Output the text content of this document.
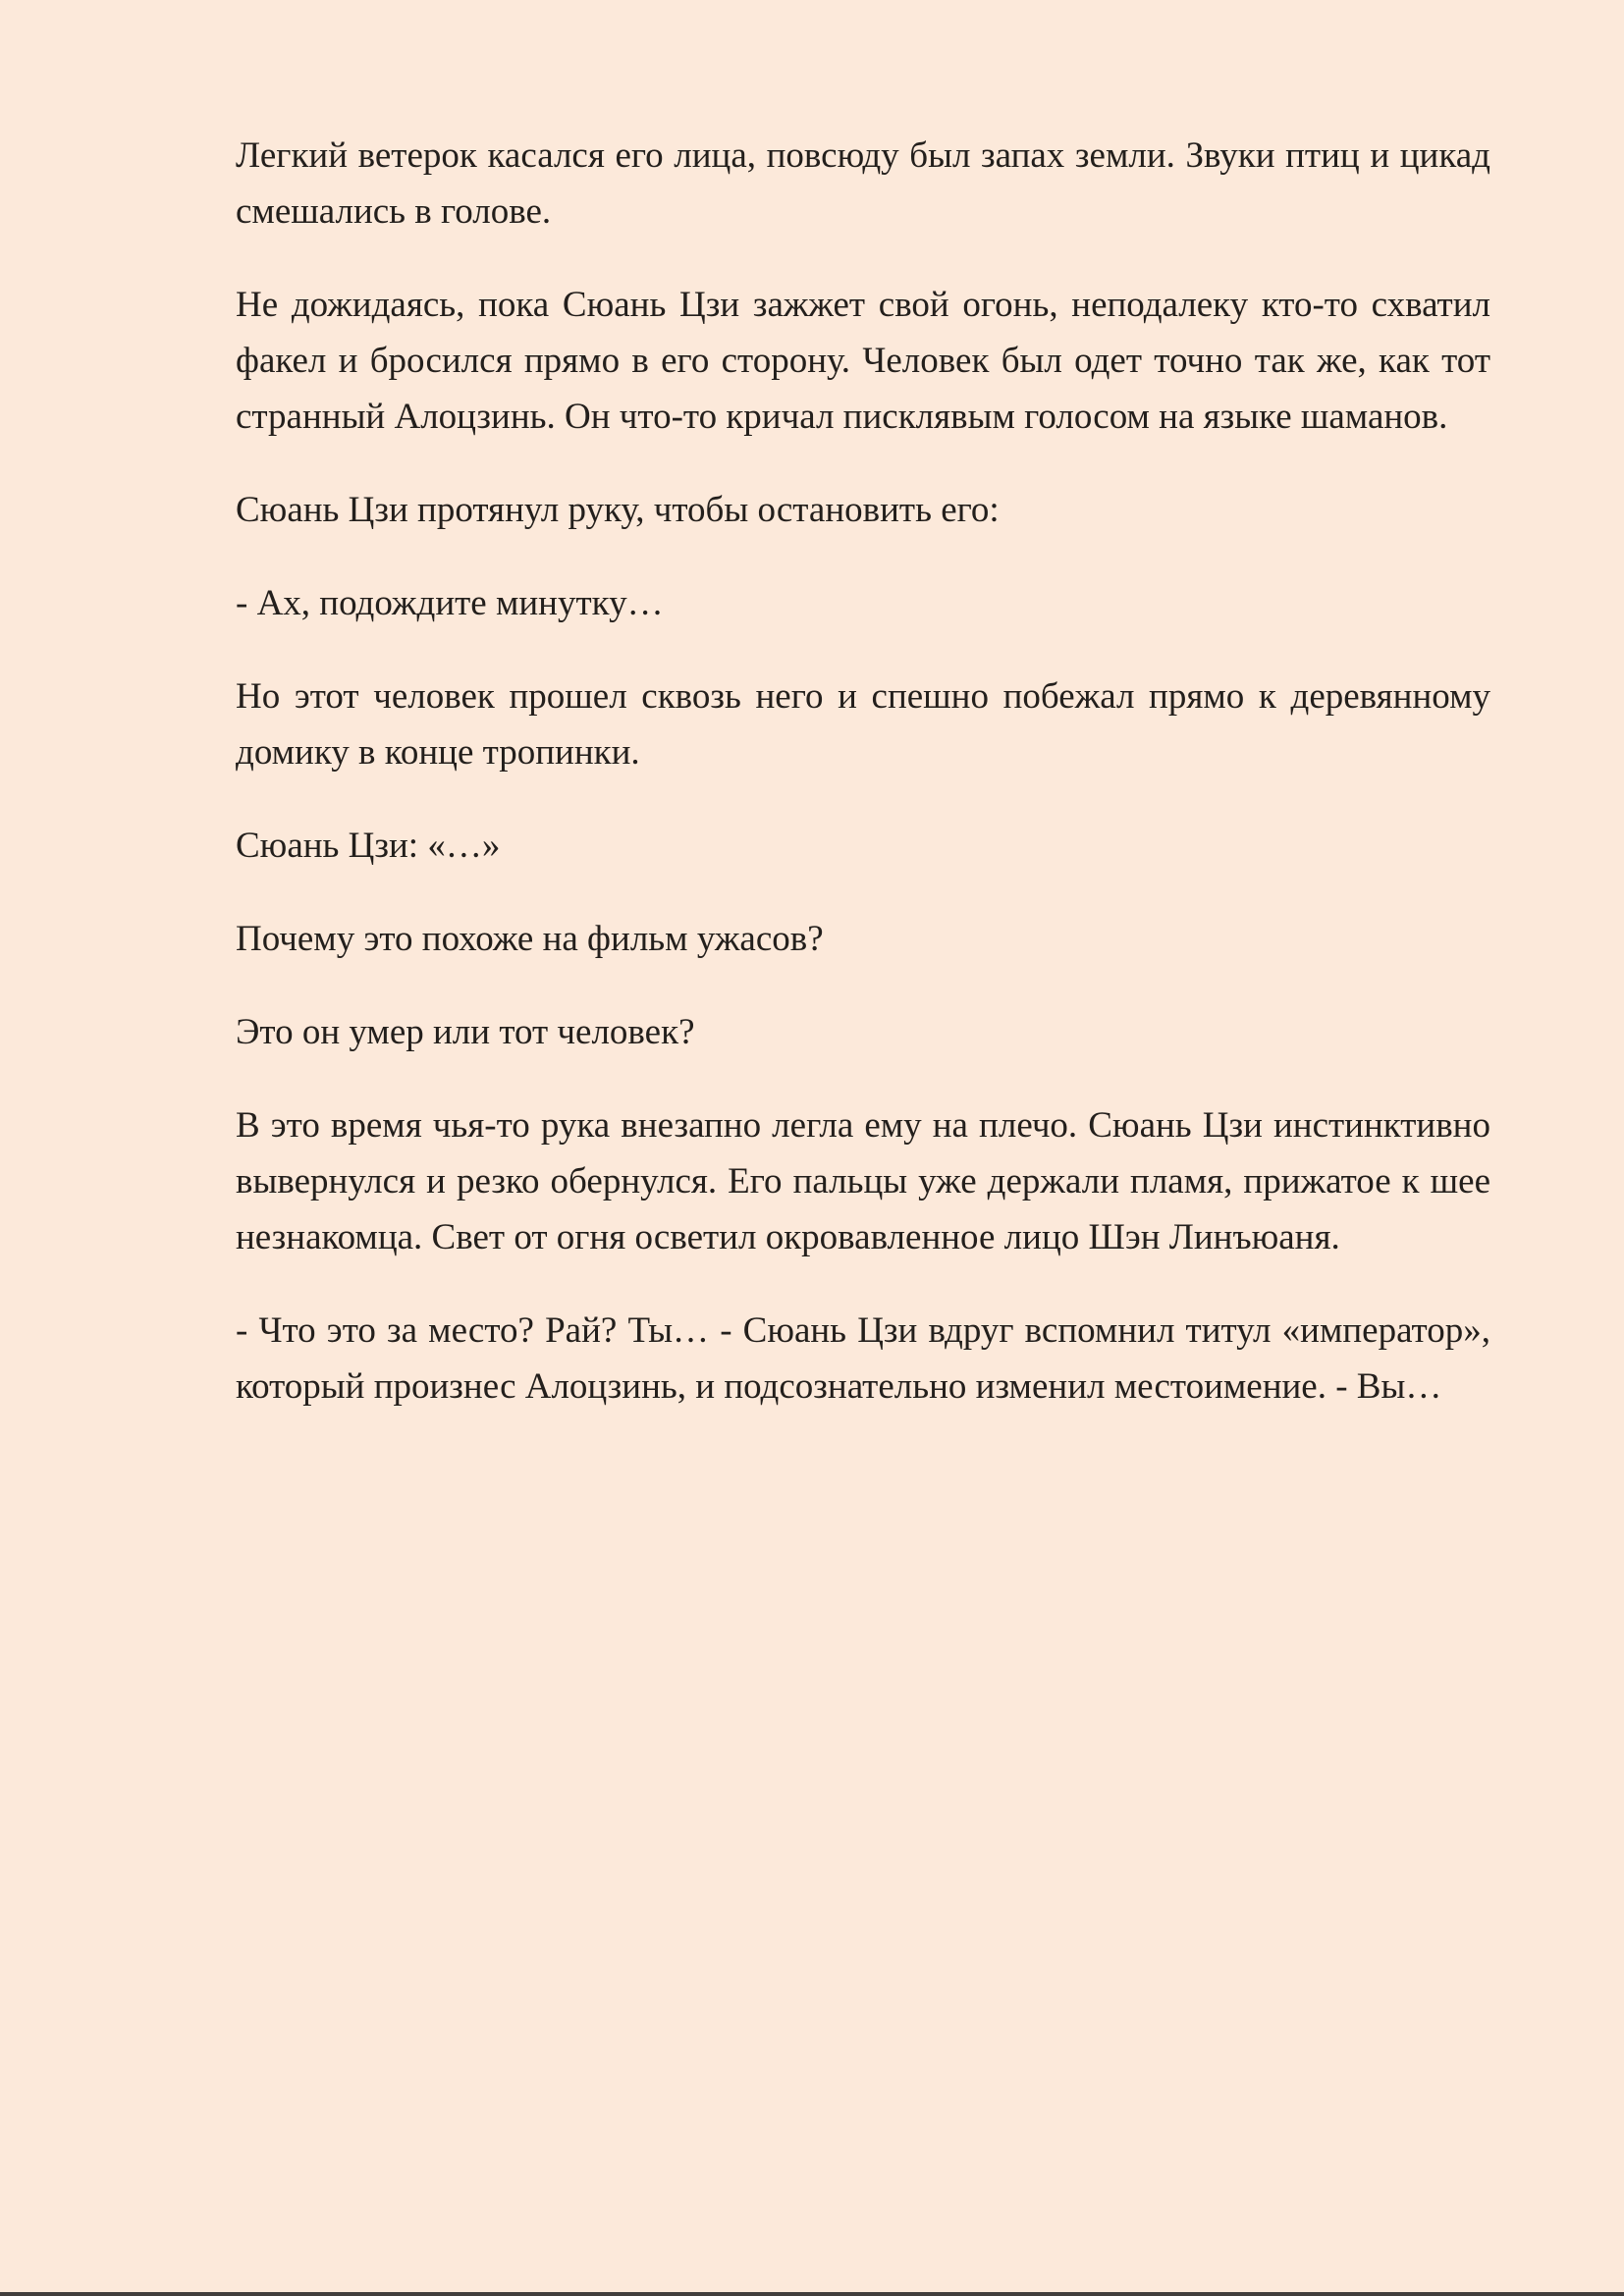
Легкий ветерок касался его лица, повсюду был запах земли. Звуки птиц и цикад смешались в голове.

Не дожидаясь, пока Сюань Цзи зажжет свой огонь, неподалеку кто-то схватил факел и бросился прямо в его сторону. Человек был одет точно так же, как тот странный Алоцзинь. Он что-то кричал писклявым голосом на языке шаманов.

Сюань Цзи протянул руку, чтобы остановить его:

- Ах, подождите минутку…

Но этот человек прошел сквозь него и спешно побежал прямо к деревянному домику в конце тропинки.

Сюань Цзи: «…»

Почему это похоже на фильм ужасов?

Это он умер или тот человек?

В это время чья-то рука внезапно легла ему на плечо. Сюань Цзи инстинктивно вывернулся и резко обернулся. Его пальцы уже держали пламя, прижатое к шее незнакомца. Свет от огня осветил окровавленное лицо Шэн Линъюаня.

- Что это за место? Рай? Ты… - Сюань Цзи вдруг вспомнил титул «император», который произнес Алоцзинь, и подсознательно изменил местоимение. - Вы…
